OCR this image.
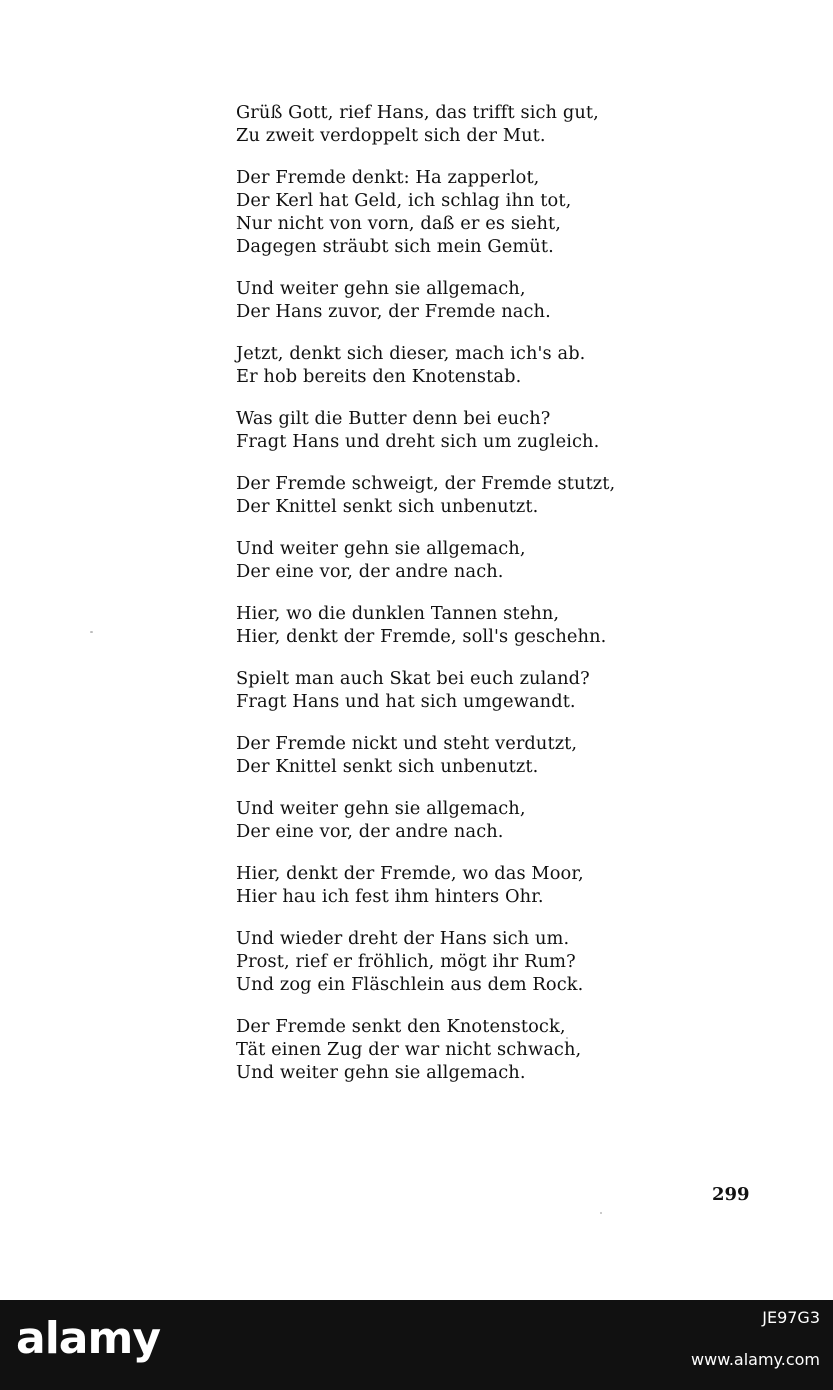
Grüß Gott, rief Hans, das trifft sich gut,
Zu zweit verdoppelt sich der Mut.
Der Fremde denkt: Ha zapperlot,
Der Kerl hat Geld, ich schlag ihn tot,
Nur nicht von vorn, daß er es sieht,
Dagegen sträubt sich mein Gemüt.
Und weiter gehn sie allgemach,
Der Hans zuvor, der Fremde nach.
Jetzt, denkt sich dieser, mach ich's ab.
Er hob bereits den Knotenstab.
Was gilt die Butter denn bei euch?
Fragt Hans und dreht sich um zugleich.
Der Fremde schweigt, der Fremde stutzt,
Der Knittel senkt sich unbenutzt.
Und weiter gehn sie allgemach,
Der eine vor, der andre nach.
Hier, wo die dunklen Tannen stehn,
Hier, denkt der Fremde, soll's geschehn.
Spielt man auch Skat bei euch zuland?
Fragt Hans und hat sich umgewandt.
Der Fremde nickt und steht verdutzt,
Der Knittel senkt sich unbenutzt.
Und weiter gehn sie allgemach,
Der eine vor, der andre nach.
Hier, denkt der Fremde, wo das Moor,
Hier hau ich fest ihm hinters Ohr.
Und wieder dreht der Hans sich um.
Prost, rief er fröhlich, mögt ihr Rum?
Und zog ein Fläschlein aus dem Rock.
Der Fremde senkt den Knotenstock,
Tät einen Zug der war nicht schwach,
Und weiter gehn sie allgemach.
299
alamy	JE97G3
www.alamy.com
